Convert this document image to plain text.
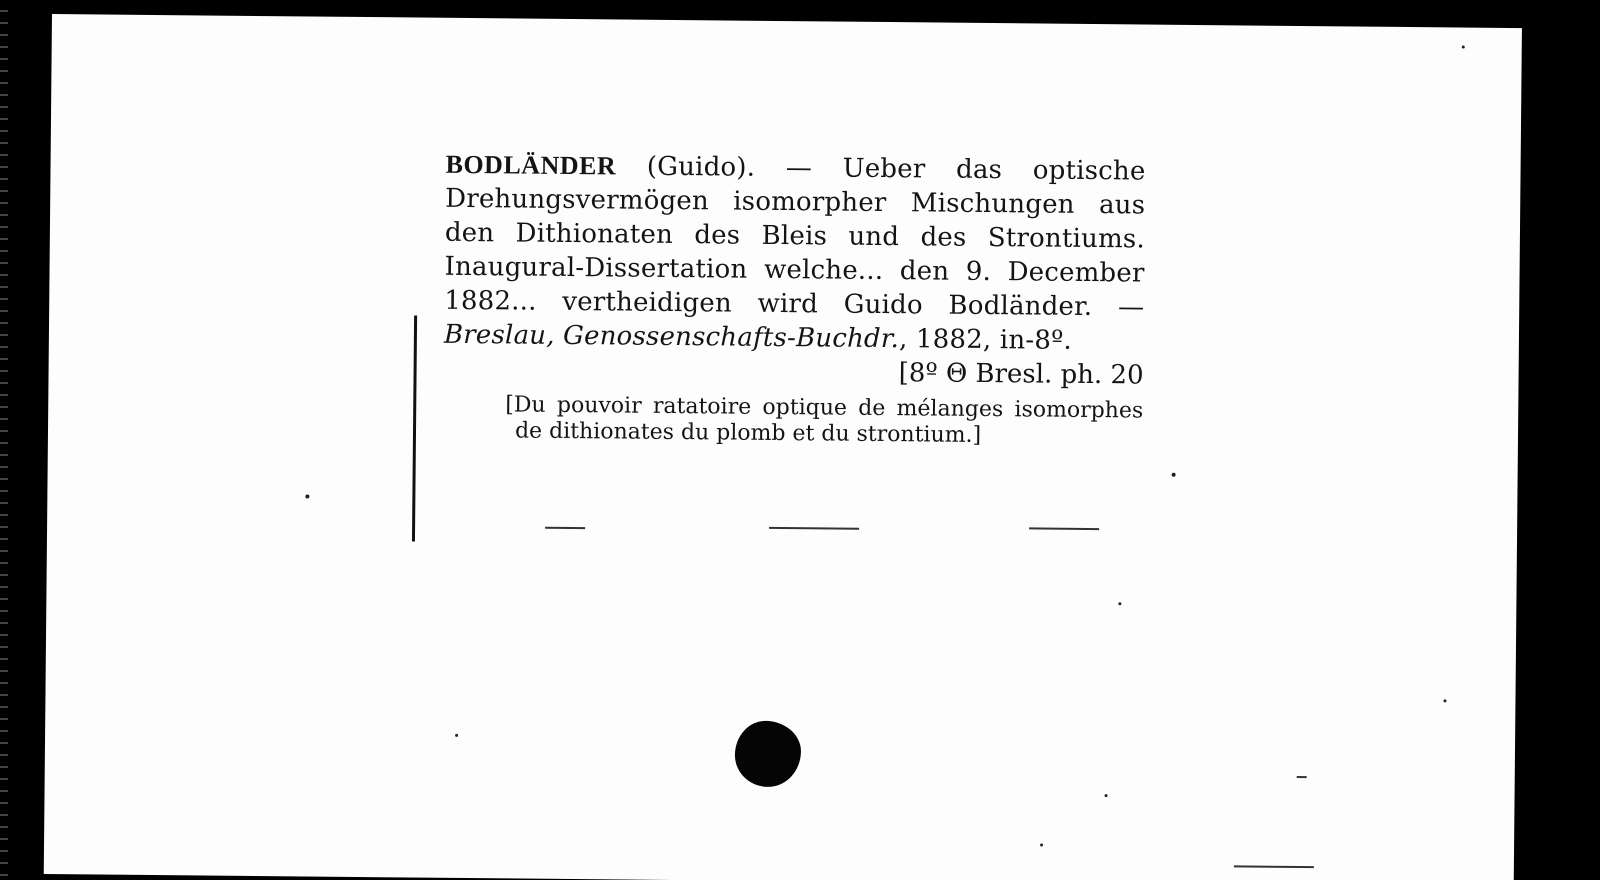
BODLÄNDER (Guido). — Ueber das optische Drehungsvermögen isomorpher Mischungen aus den Dithionaten des Bleis und des Strontiums. Inaugural-Dissertation welche... den 9. December 1882... vertheidigen wird Guido Bodländer. — Breslau, Genossenschafts-Buchdr., 1882, in-8º.
[8º Θ Bresl. ph. 20
[Du pouvoir ratatoire optique de mélanges isomorphes de dithionates du plomb et du strontium.]
